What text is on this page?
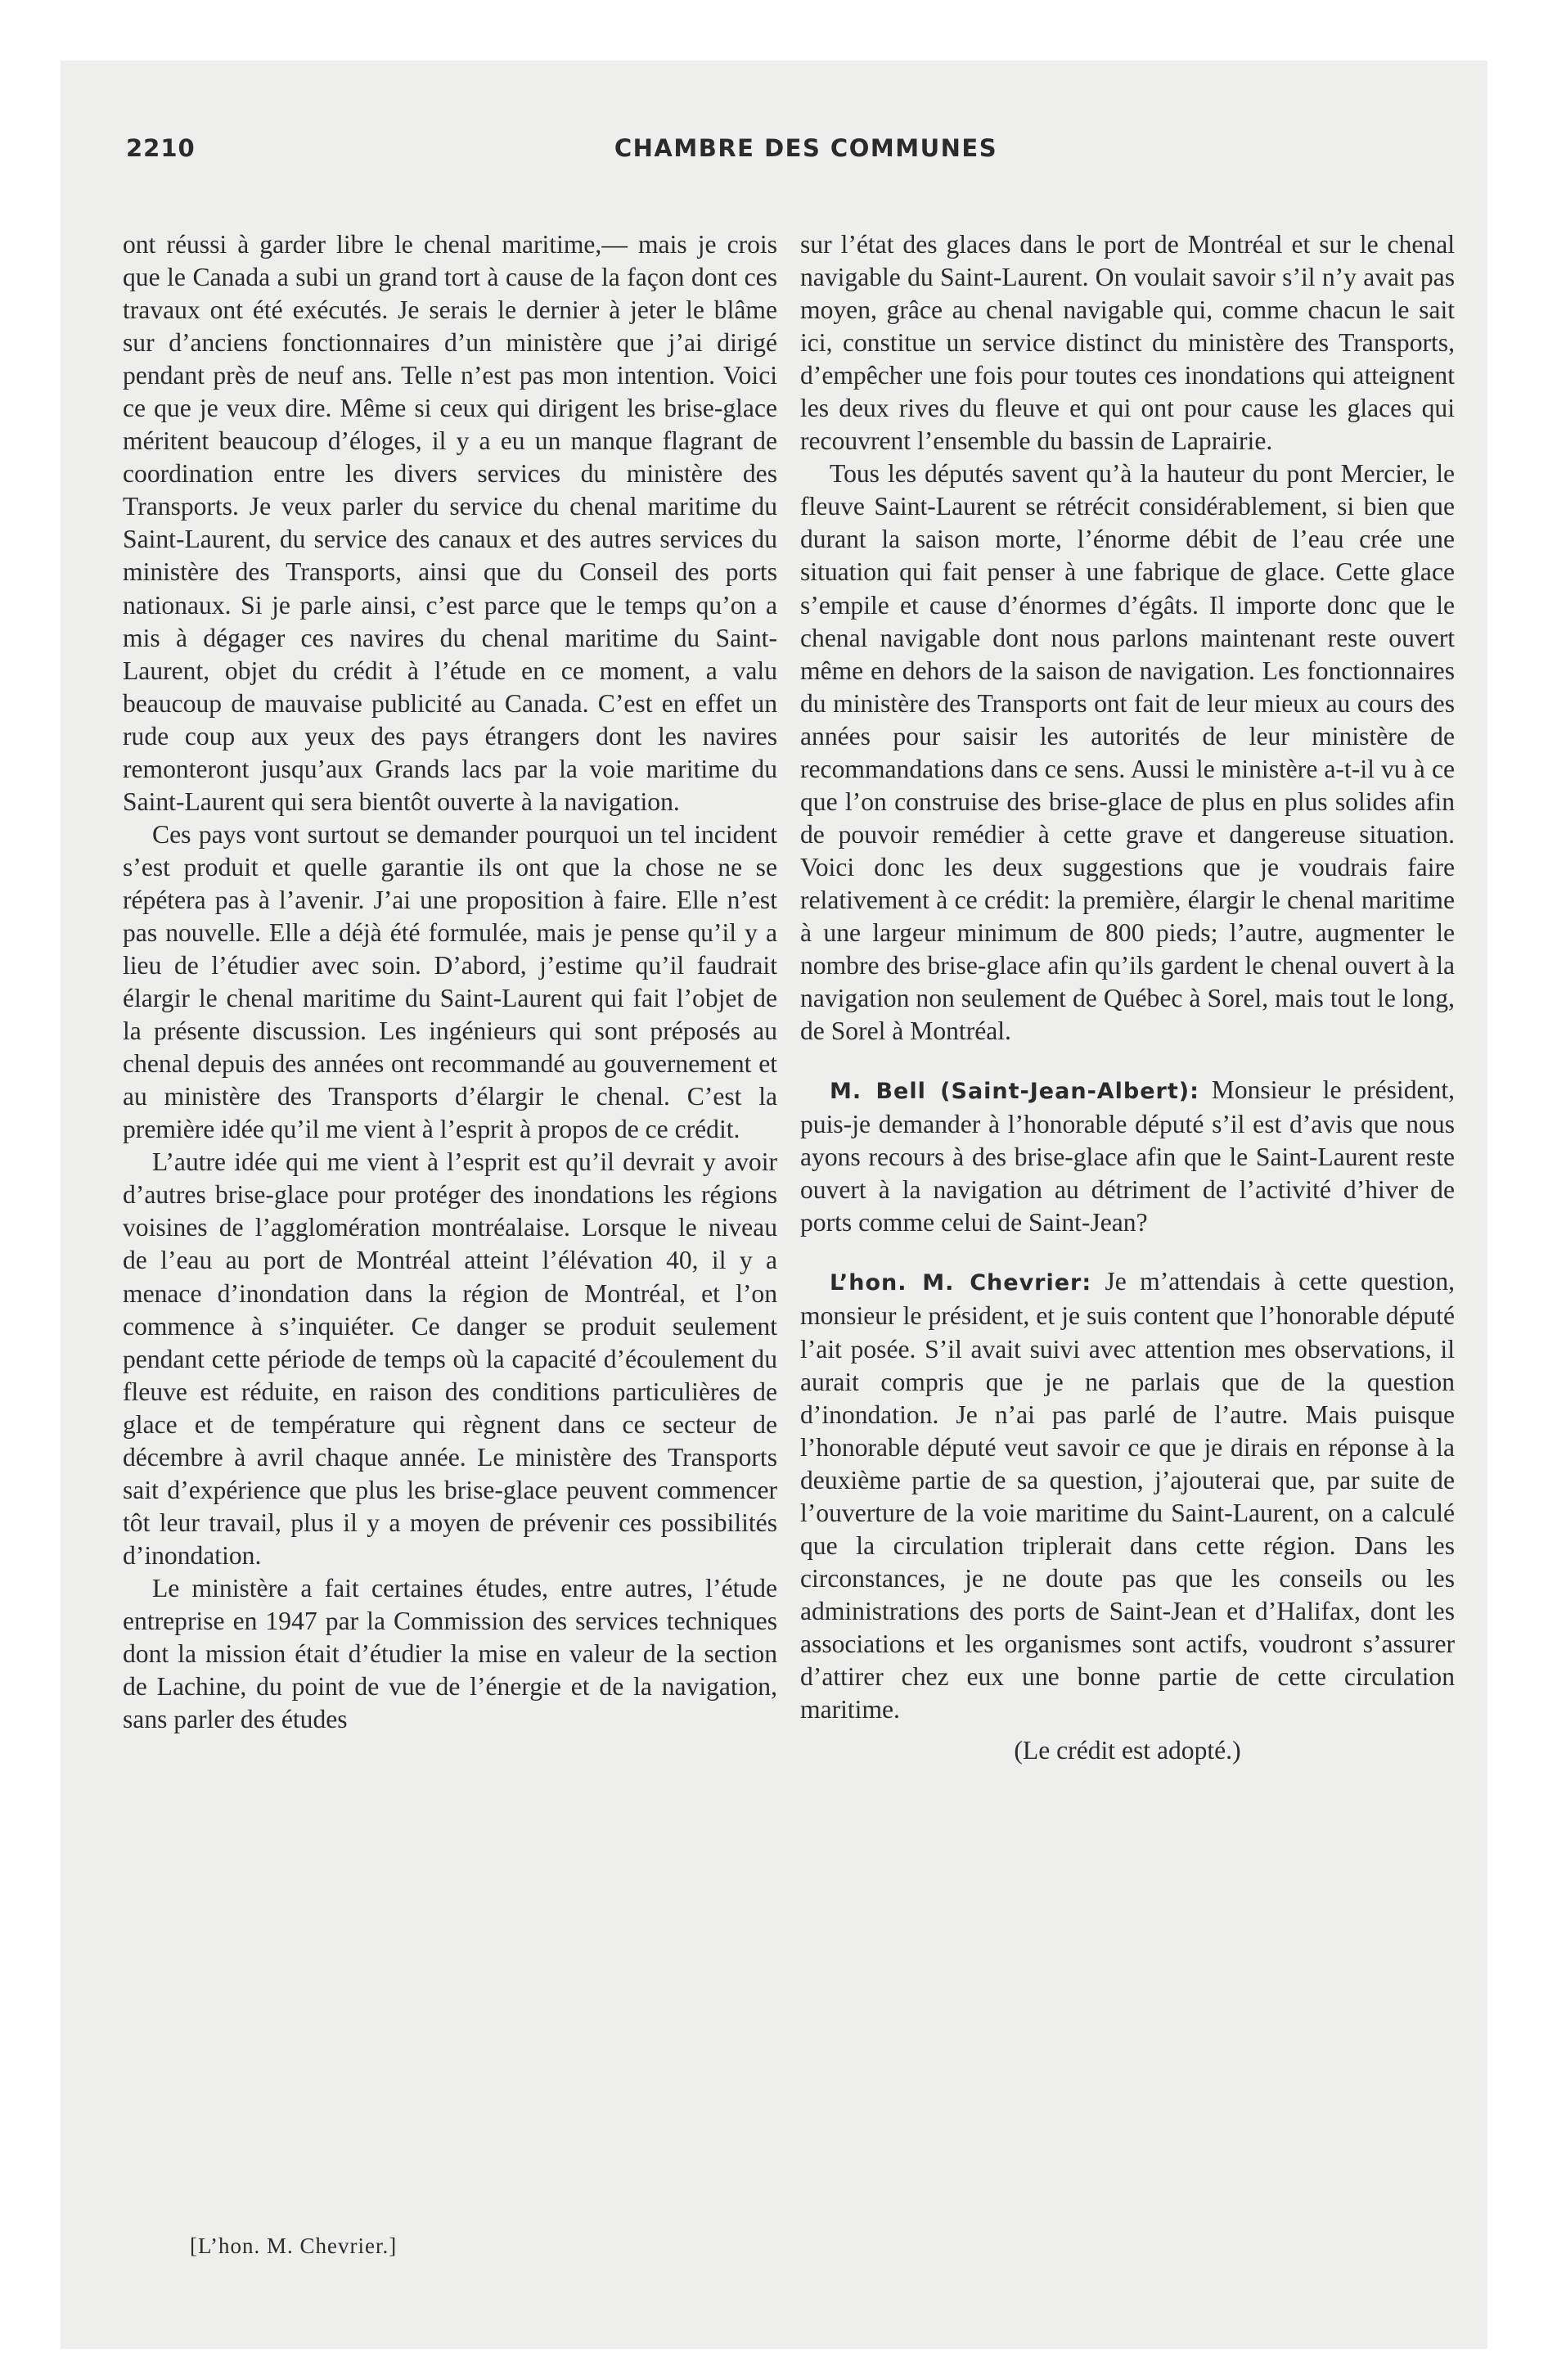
2210	CHAMBRE DES COMMUNES

ont réussi à garder libre le chenal maritime,— mais je crois que le Canada a subi un grand tort à cause de la façon dont ces travaux ont été exécutés. Je serais le dernier à jeter le blâme sur d’anciens fonctionnaires d’un ministère que j’ai dirigé pendant près de neuf ans. Telle n’est pas mon intention. Voici ce que je veux dire. Même si ceux qui dirigent les brise-glace méritent beaucoup d’éloges, il y a eu un manque flagrant de coordination entre les divers services du ministère des Transports. Je veux parler du service du chenal maritime du Saint-Laurent, du service des canaux et des autres services du ministère des Transports, ainsi que du Conseil des ports nationaux. Si je parle ainsi, c’est parce que le temps qu’on a mis à dégager ces navires du chenal maritime du Saint-Laurent, objet du crédit à l’étude en ce moment, a valu beaucoup de mauvaise publicité au Canada. C’est en effet un rude coup aux yeux des pays étrangers dont les navires remonteront jusqu’aux Grands lacs par la voie maritime du Saint-Laurent qui sera bientôt ouverte à la navigation.

Ces pays vont surtout se demander pourquoi un tel incident s’est produit et quelle garantie ils ont que la chose ne se répétera pas à l’avenir. J’ai une proposition à faire. Elle n’est pas nouvelle. Elle a déjà été formulée, mais je pense qu’il y a lieu de l’étudier avec soin. D’abord, j’estime qu’il faudrait élargir le chenal maritime du Saint-Laurent qui fait l’objet de la présente discussion. Les ingénieurs qui sont préposés au chenal depuis des années ont recommandé au gouvernement et au ministère des Transports d’élargir le chenal. C’est la première idée qu’il me vient à l’esprit à propos de ce crédit.

L’autre idée qui me vient à l’esprit est qu’il devrait y avoir d’autres brise-glace pour protéger des inondations les régions voisines de l’agglomération montréalaise. Lorsque le niveau de l’eau au port de Montréal atteint l’élévation 40, il y a menace d’inondation dans la région de Montréal, et l’on commence à s’inquiéter. Ce danger se produit seulement pendant cette période de temps où la capacité d’écoulement du fleuve est réduite, en raison des conditions particulières de glace et de température qui règnent dans ce secteur de décembre à avril chaque année. Le ministère des Transports sait d’expérience que plus les brise-glace peuvent commencer tôt leur travail, plus il y a moyen de prévenir ces possibilités d’inondation.

Le ministère a fait certaines études, entre autres, l’étude entreprise en 1947 par la Commission des services techniques dont la mission était d’étudier la mise en valeur de la section de Lachine, du point de vue de l’énergie et de la navigation, sans parler des études

sur l’état des glaces dans le port de Montréal et sur le chenal navigable du Saint-Laurent. On voulait savoir s’il n’y avait pas moyen, grâce au chenal navigable qui, comme chacun le sait ici, constitue un service distinct du ministère des Transports, d’empêcher une fois pour toutes ces inondations qui atteignent les deux rives du fleuve et qui ont pour cause les glaces qui recouvrent l’ensemble du bassin de Laprairie.

Tous les députés savent qu’à la hauteur du pont Mercier, le fleuve Saint-Laurent se rétrécit considérablement, si bien que durant la saison morte, l’énorme débit de l’eau crée une situation qui fait penser à une fabrique de glace. Cette glace s’empile et cause d’énormes d’égâts. Il importe donc que le chenal navigable dont nous parlons maintenant reste ouvert même en dehors de la saison de navigation. Les fonctionnaires du ministère des Transports ont fait de leur mieux au cours des années pour saisir les autorités de leur ministère de recommandations dans ce sens. Aussi le ministère a-t-il vu à ce que l’on construise des brise-glace de plus en plus solides afin de pouvoir remédier à cette grave et dangereuse situation. Voici donc les deux suggestions que je voudrais faire relativement à ce crédit: la première, élargir le chenal maritime à une largeur minimum de 800 pieds; l’autre, augmenter le nombre des brise-glace afin qu’ils gardent le chenal ouvert à la navigation non seulement de Québec à Sorel, mais tout le long, de Sorel à Montréal.

M. Bell (Saint-Jean-Albert): Monsieur le président, puis-je demander à l’honorable député s’il est d’avis que nous ayons recours à des brise-glace afin que le Saint-Laurent reste ouvert à la navigation au détriment de l’activité d’hiver de ports comme celui de Saint-Jean?

L’hon. M. Chevrier: Je m’attendais à cette question, monsieur le président, et je suis content que l’honorable député l’ait posée. S’il avait suivi avec attention mes observations, il aurait compris que je ne parlais que de la question d’inondation. Je n’ai pas parlé de l’autre. Mais puisque l’honorable député veut savoir ce que je dirais en réponse à la deuxième partie de sa question, j’ajouterai que, par suite de l’ouverture de la voie maritime du Saint-Laurent, on a calculé que la circulation triplerait dans cette région. Dans les circonstances, je ne doute pas que les conseils ou les administrations des ports de Saint-Jean et d’Halifax, dont les associations et les organismes sont actifs, voudront s’assurer d’attirer chez eux une bonne partie de cette circulation maritime.

(Le crédit est adopté.)

[L’hon. M. Chevrier.]
